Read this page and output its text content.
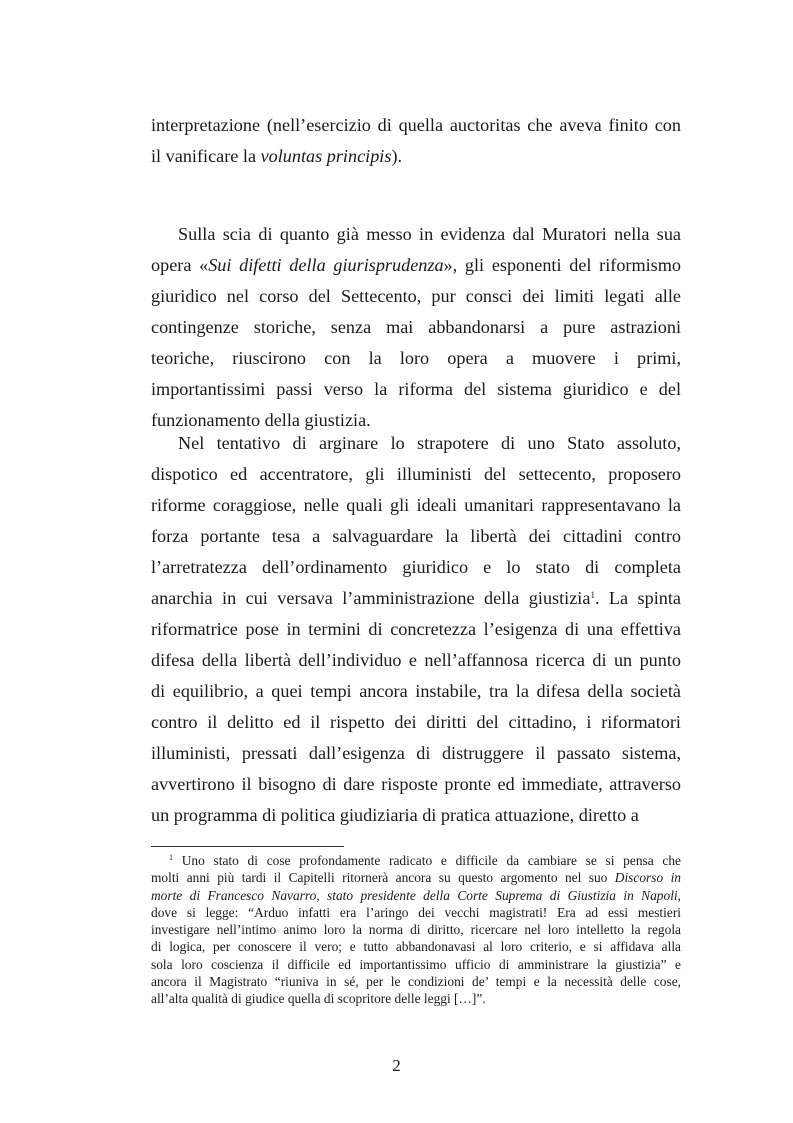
interpretazione (nell’esercizio di quella auctoritas che aveva finito con
il vanificare la voluntas principis).
Sulla scia di quanto già messo in evidenza dal Muratori nella sua
opera «Sui difetti della giurisprudenza», gli esponenti del riformismo
giuridico nel corso del Settecento, pur consci dei limiti legati alle
contingenze storiche, senza mai abbandonarsi a pure astrazioni
teoriche, riuscirono con la loro opera a muovere i primi,
importantissimi passi verso la riforma del sistema giuridico e del
funzionamento della giustizia.
Nel tentativo di arginare lo strapotere di uno Stato assoluto,
dispotico ed accentratore, gli illuministi del settecento, proposero
riforme coraggiose, nelle quali gli ideali umanitari rappresentavano la
forza portante tesa a salvaguardare la libertà dei cittadini contro
l’arretratezza dell’ordinamento giuridico e lo stato di completa
anarchia in cui versava l’amministrazione della giustizia$^1$. La spinta
riformatrice pose in termini di concretezza l’esigenza di una effettiva
difesa della libertà dell’individuo e nell’affannosa ricerca di un punto
di equilibrio, a quei tempi ancora instabile, tra la difesa della società
contro il delitto ed il rispetto dei diritti del cittadino, i riformatori
illuministi, pressati dall’esigenza di distruggere il passato sistema,
avvertirono il bisogno di dare risposte pronte ed immediate, attraverso
un programma di politica giudiziaria di pratica attuazione, diretto a
$^1$ Uno stato di cose profondamente radicato e difficile da cambiare se si pensa che
molti anni più tardi il Capitelli ritornerà ancora su questo argomento nel suo Discorso in
morte di Francesco Navarro, stato presidente della Corte Suprema di Giustizia in Napoli,
dove si legge: “Arduo infatti era l’aringo dei vecchi magistrati! Era ad essi mestieri
investigare nell’intimo animo loro la norma di diritto, ricercare nel loro intelletto la regola
di logica, per conoscere il vero; e tutto abbandonavasi al loro criterio, e si affidava alla
sola loro coscienza il difficile ed importantissimo ufficio di amministrare la giustizia” e
ancora il Magistrato “riuniva in sé, per le condizioni de’ tempi e la necessità delle cose,
all’alta qualità di giudice quella di scopritore delle leggi […]”.
2
